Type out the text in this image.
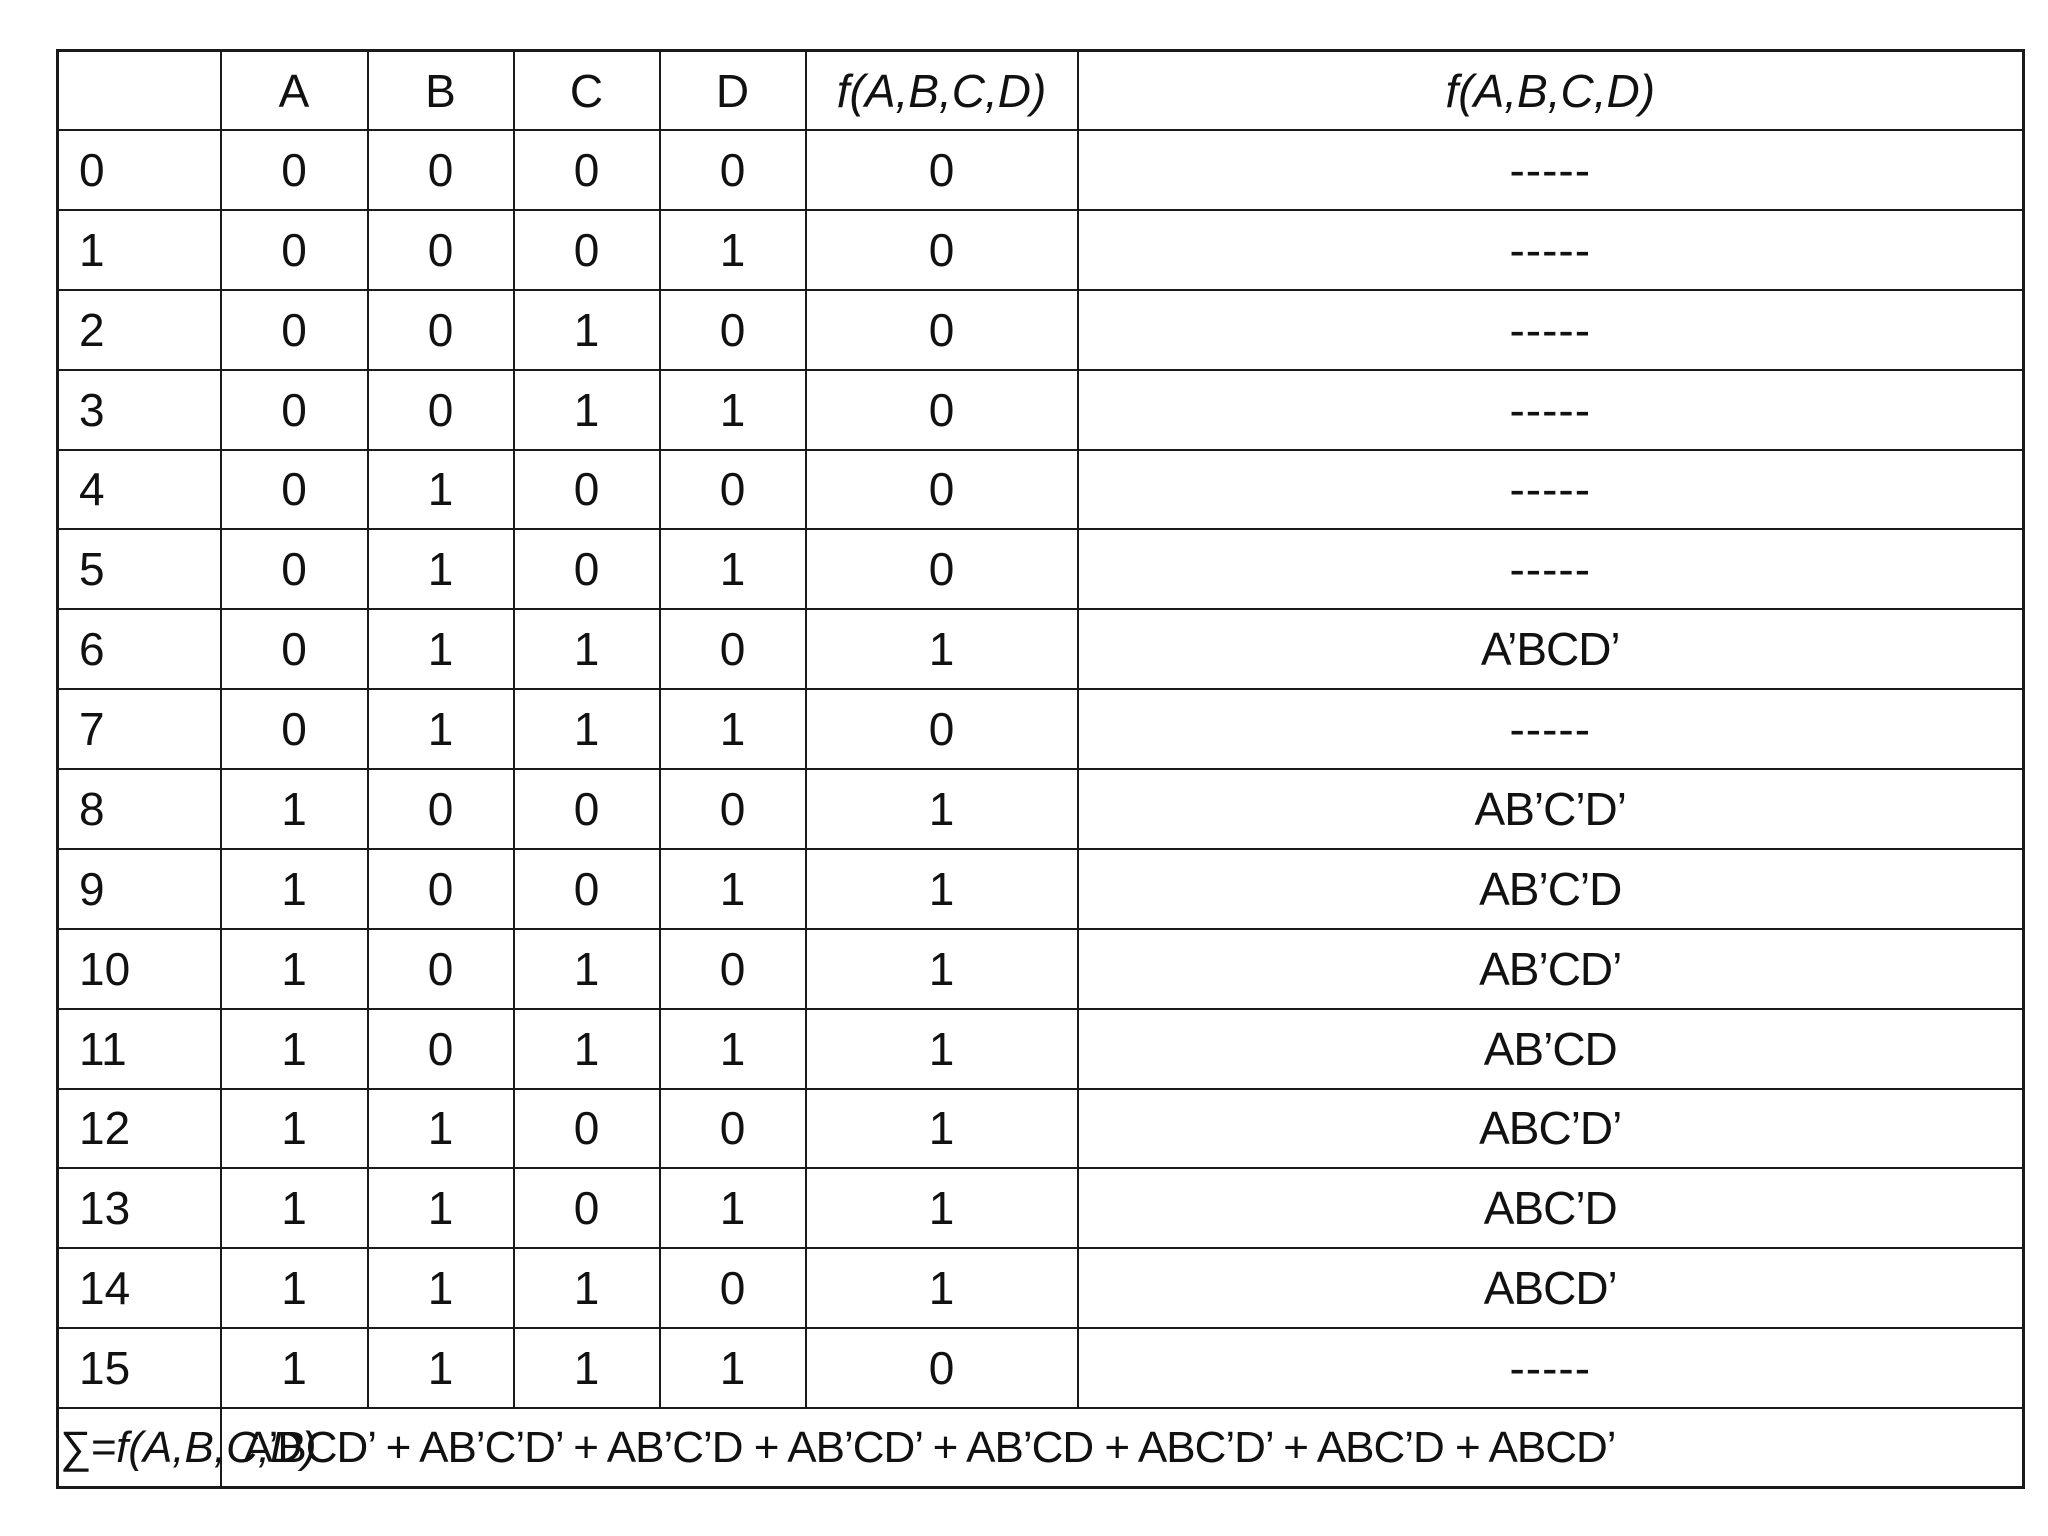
	A	B	C	D	f(A,B,C,D)	f(A,B,C,D)
0	0	0	0	0	0	-----
1	0	0	0	1	0	-----
2	0	0	1	0	0	-----
3	0	0	1	1	0	-----
4	0	1	0	0	0	-----
5	0	1	0	1	0	-----
6	0	1	1	0	1	A’BCD’
7	0	1	1	1	0	-----
8	1	0	0	0	1	AB’C’D’
9	1	0	0	1	1	AB’C’D
10	1	0	1	0	1	AB’CD’
11	1	0	1	1	1	AB’CD
12	1	1	0	0	1	ABC’D’
13	1	1	0	1	1	ABC’D
14	1	1	1	0	1	ABCD’
15	1	1	1	1	0	-----
∑=f(A,B,C,D)	A’BCD’ + AB’C’D’ + AB’C’D + AB’CD’ + AB’CD + ABC’D’ + ABC’D + ABCD’					
